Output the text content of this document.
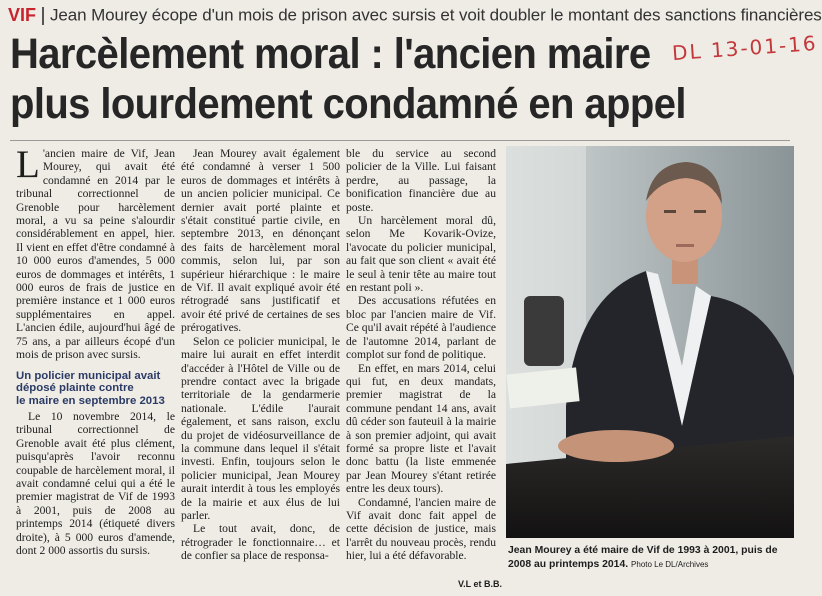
VIF Jean Mourey écope d'un mois de prison avec sursis et voit doubler le montant des sanctions financières
Harcèlement moral : l'ancien maire
plus lourdement condamné en appel
DL 13-01-16

L 'ancien maire de Vif, Jean Mourey, qui avait été condamné en 2014 par le tribunal correctionnel de Grenoble pour harcèlement moral, a vu sa peine s'alourdir considérablement en appel, hier. Il vient en effet d'être condamné à 10 000 euros d'amendes, 5 000 euros de dommages et intérêts, 1 000 euros de frais de justice en première instance et 1 000 euros supplémentaires en appel. L'ancien édile, aujourd'hui âgé de 75 ans, a par ailleurs écopé d'un mois de prison avec sursis.

Un policier municipal avait
déposé plainte contre
le maire en septembre 2013

Le 10 novembre 2014, le tribunal correctionnel de Grenoble avait été plus clément, puisqu'après l'avoir reconnu coupable de harcèlement moral, il avait condamné celui qui a été le premier magistrat de Vif de 1993 à 2001, puis de 2008 au printemps 2014 (étiqueté divers droite), à 5 000 euros d'amende, dont 2 000 assortis du sursis.

Jean Mourey avait également été condamné à verser 1 500 euros de dommages et intérêts à un ancien policier municipal. Ce dernier avait porté plainte et s'était constitué partie civile, en septembre 2013, en dénonçant des faits de harcèlement moral commis, selon lui, par son supérieur hiérarchique : le maire de Vif. Il avait expliqué avoir été rétrogradé sans justificatif et avoir été privé de certaines de ses prérogatives.

Selon ce policier municipal, le maire lui aurait en effet interdit d'accéder à l'Hôtel de Ville ou de prendre contact avec la brigade territoriale de la gendarmerie nationale. L'édile l'aurait également, et sans raison, exclu du projet de vidéosurveillance de la commune dans lequel il s'était investi. Enfin, toujours selon le policier municipal, Jean Mourey aurait interdit à tous les employés de la mairie et aux élus de lui parler.

Le tout avait, donc, de rétrograder le fonctionnaire… et de confier sa place de responsa-

ble du service au second policier de la Ville. Lui faisant perdre, au passage, la bonification financière due au poste.

Un harcèlement moral dû, selon Me Kovarik-Ovize, l'avocate du policier municipal, au fait que son client « avait été le seul à tenir tête au maire tout en restant poli ».

Des accusations réfutées en bloc par l'ancien maire de Vif. Ce qu'il avait répété à l'audience de l'automne 2014, parlant de complot sur fond de politique.

En effet, en mars 2014, celui qui fut, en deux mandats, premier magistrat de la commune pendant 14 ans, avait dû céder son fauteuil à la mairie à son premier adjoint, qui avait formé sa propre liste et l'avait donc battu (la liste emmenée par Jean Mourey s'étant retirée entre les deux tours).

Condamné, l'ancien maire de Vif avait donc fait appel de cette décision de justice, mais l'arrêt du nouveau procès, rendu hier, lui a été défavorable.

V.L et B.B.
Jean Mourey a été maire de Vif de 1993 à 2001, puis de 2008 au printemps 2014. Photo Le DL/Archives
